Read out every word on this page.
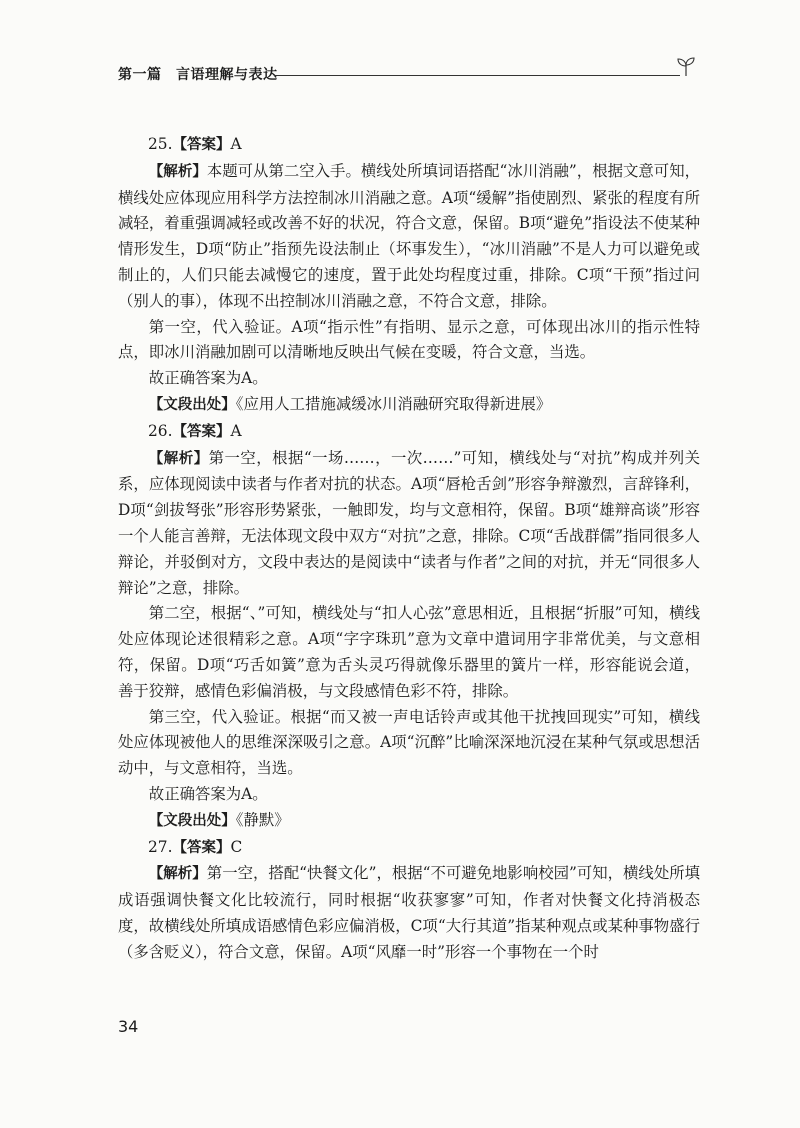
第一篇　言语理解与表达
25.【答案】A

【解析】本题可从第二空入手。横线处所填词语搭配“冰川消融”，根据文意可知，横线处应体现应用科学方法控制冰川消融之意。A项“缓解”指使剧烈、紧张的程度有所减轻，着重强调减轻或改善不好的状况，符合文意，保留。B项“避免”指设法不使某种情形发生，D项“防止”指预先设法制止（坏事发生），“冰川消融”不是人力可以避免或制止的，人们只能去减慢它的速度，置于此处均程度过重，排除。C项“干预”指过问（别人的事），体现不出控制冰川消融之意，不符合文意，排除。

第一空，代入验证。A项“指示性”有指明、显示之意，可体现出冰川的指示性特点，即冰川消融加剧可以清晰地反映出气候在变暖，符合文意，当选。

故正确答案为A。

【文段出处】《应用人工措施减缓冰川消融研究取得新进展》

26.【答案】A

【解析】第一空，根据“一场……，一次……”可知，横线处与“对抗”构成并列关系，应体现阅读中读者与作者对抗的状态。A项“唇枪舌剑”形容争辩激烈，言辞锋利，D项“剑拔弩张”形容形势紧张，一触即发，均与文意相符，保留。B项“雄辩高谈”形容一个人能言善辩，无法体现文段中双方“对抗”之意，排除。C项“舌战群儒”指同很多人辩论，并驳倒对方，文段中表达的是阅读中“读者与作者”之间的对抗，并无“同很多人辩论”之意，排除。

第二空，根据“、”可知，横线处与“扣人心弦”意思相近，且根据“折服”可知，横线处应体现论述很精彩之意。A项“字字珠玑”意为文章中遣词用字非常优美，与文意相符，保留。D项“巧舌如簧”意为舌头灵巧得就像乐器里的簧片一样，形容能说会道，善于狡辩，感情色彩偏消极，与文段感情色彩不符，排除。

第三空，代入验证。根据“而又被一声电话铃声或其他干扰拽回现实”可知，横线处应体现被他人的思维深深吸引之意。A项“沉醉”比喻深深地沉浸在某种气氛或思想活动中，与文意相符，当选。

故正确答案为A。

【文段出处】《静默》

27.【答案】C

【解析】第一空，搭配“快餐文化”，根据“不可避免地影响校园”可知，横线处所填成语强调快餐文化比较流行，同时根据“收获寥寥”可知，作者对快餐文化持消极态度，故横线处所填成语感情色彩应偏消极，C项“大行其道”指某种观点或某种事物盛行（多含贬义），符合文意，保留。A项“风靡一时”形容一个事物在一个时

34
